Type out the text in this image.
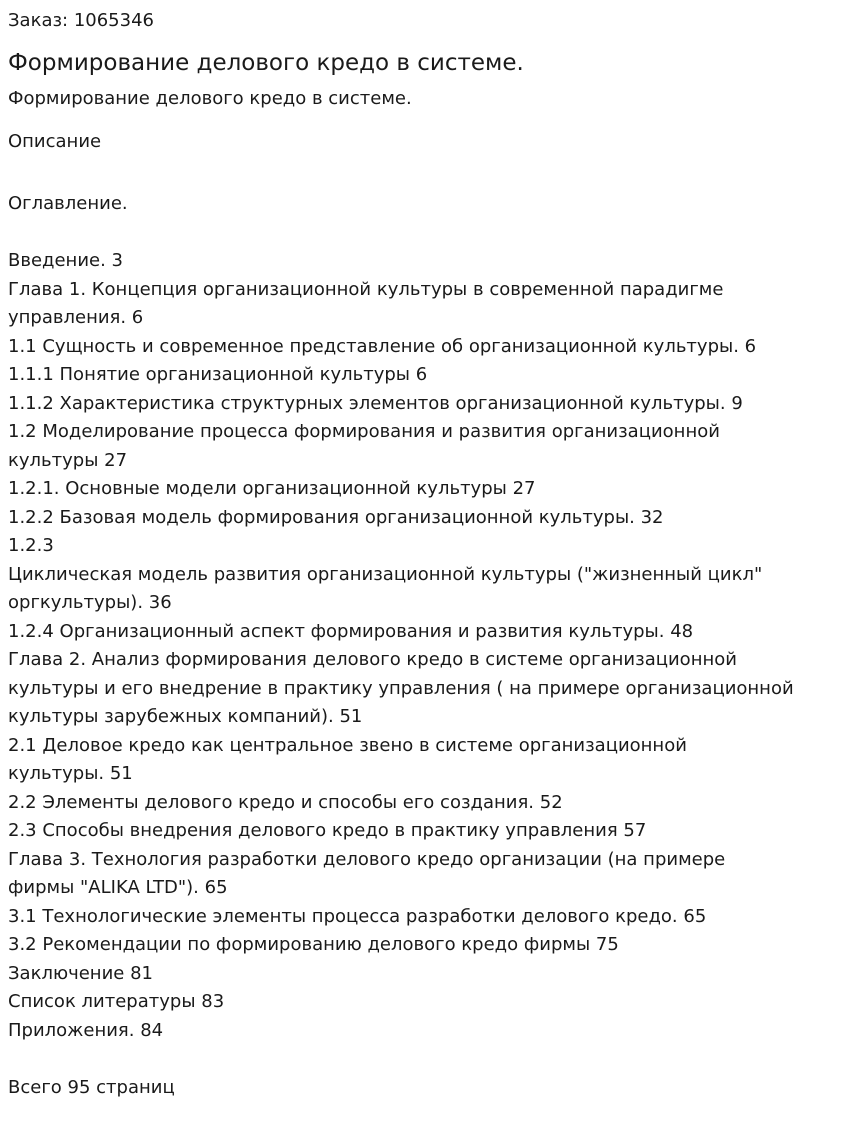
Заказ: 1065346
Формирование делового кредо в системе.
Формирование делового кредо в системе.
Описание
Оглавление.
Введение. 3
Глава 1. Концепция организационной культуры в современной парадигме
управления. 6
1.1 Сущность и современное представление об организационной культуры. 6
1.1.1 Понятие организационной культуры 6
1.1.2 Характеристика структурных элементов организационной культуры. 9
1.2 Моделирование процесса формирования и развития организационной
культуры 27
1.2.1. Основные модели организационной культуры 27
1.2.2 Базовая модель формирования организационной культуры. 32
1.2.3
Циклическая модель развития организационной культуры ("жизненный цикл"
оргкультуры). 36
1.2.4 Организационный аспект формирования и развития культуры. 48
Глава 2. Анализ формирования делового кредо в системе организационной
культуры и его внедрение в практику управления ( на примере организационной
культуры зарубежных компаний). 51
2.1 Деловое кредо как центральное звено в системе организационной
культуры. 51
2.2 Элементы делового кредо и способы его создания. 52
2.3 Способы внедрения делового кредо в практику управления 57
Глава 3. Технология разработки делового кредо организации (на примере
фирмы "ALIKA LTD"). 65
3.1 Технологические элементы процесса разработки делового кредо. 65
3.2 Рекомендации по формированию делового кредо фирмы 75
Заключение 81
Список литературы 83
Приложения. 84
Всего 95 страниц
